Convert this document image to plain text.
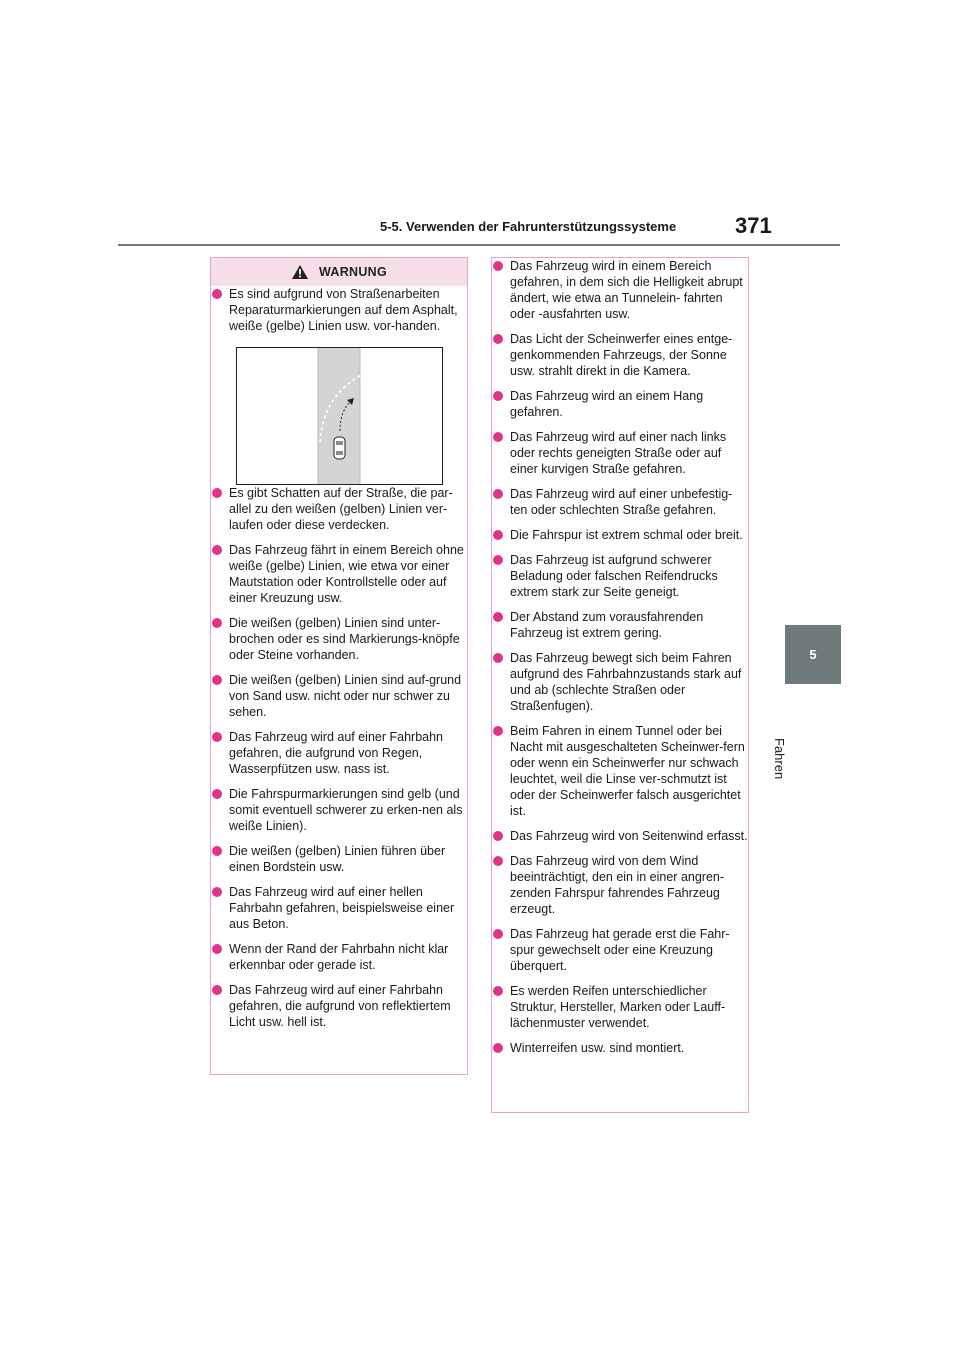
5-5. Verwenden der Fahrunterstützungssysteme	371
5
Fahren
WARNUNG
Es sind aufgrund von Straßenarbeiten Reparaturmarkierungen auf dem Asphalt, weiße (gelbe) Linien usw. vor-handen.
Es gibt Schatten auf der Straße, die par-allel zu den weißen (gelben) Linien ver-laufen oder diese verdecken.
Das Fahrzeug fährt in einem Bereich ohne weiße (gelbe) Linien, wie etwa vor einer Mautstation oder Kontrollstelle oder auf einer Kreuzung usw.
Die weißen (gelben) Linien sind unter-brochen oder es sind Markierungs-knöpfe oder Steine vorhanden.
Die weißen (gelben) Linien sind auf-grund von Sand usw. nicht oder nur schwer zu sehen.
Das Fahrzeug wird auf einer Fahrbahn gefahren, die aufgrund von Regen, Wasserpfützen usw. nass ist.
Die Fahrspurmarkierungen sind gelb (und somit eventuell schwerer zu erken-nen als weiße Linien).
Die weißen (gelben) Linien führen über einen Bordstein usw.
Das Fahrzeug wird auf einer hellen Fahrbahn gefahren, beispielsweise einer aus Beton.
Wenn der Rand der Fahrbahn nicht klar erkennbar oder gerade ist.
Das Fahrzeug wird auf einer Fahrbahn gefahren, die aufgrund von reflektiertem Licht usw. hell ist.
Das Fahrzeug wird in einem Bereich gefahren, in dem sich die Helligkeit abrupt ändert, wie etwa an Tunnelein- fahrten oder -ausfahrten usw.
Das Licht der Scheinwerfer eines entge-genkommenden Fahrzeugs, der Sonne usw. strahlt direkt in die Kamera.
Das Fahrzeug wird an einem Hang gefahren.
Das Fahrzeug wird auf einer nach links oder rechts geneigten Straße oder auf einer kurvigen Straße gefahren.
Das Fahrzeug wird auf einer unbefestig-ten oder schlechten Straße gefahren.
Die Fahrspur ist extrem schmal oder breit.
Das Fahrzeug ist aufgrund schwerer Beladung oder falschen Reifendrucks extrem stark zur Seite geneigt.
Der Abstand zum vorausfahrenden Fahrzeug ist extrem gering.
Das Fahrzeug bewegt sich beim Fahren aufgrund des Fahrbahnzustands stark auf und ab (schlechte Straßen oder Straßenfugen).
Beim Fahren in einem Tunnel oder bei Nacht mit ausgeschalteten Scheinwer-fern oder wenn ein Scheinwerfer nur schwach leuchtet, weil die Linse ver-schmutzt ist oder der Scheinwerfer falsch ausgerichtet ist.
Das Fahrzeug wird von Seitenwind erfasst.
Das Fahrzeug wird von dem Wind beeinträchtigt, den ein in einer angren-zenden Fahrspur fahrendes Fahrzeug erzeugt.
Das Fahrzeug hat gerade erst die Fahr-spur gewechselt oder eine Kreuzung überquert.
Es werden Reifen unterschiedlicher Struktur, Hersteller, Marken oder Lauff-lächenmuster verwendet.
Winterreifen usw. sind montiert.
